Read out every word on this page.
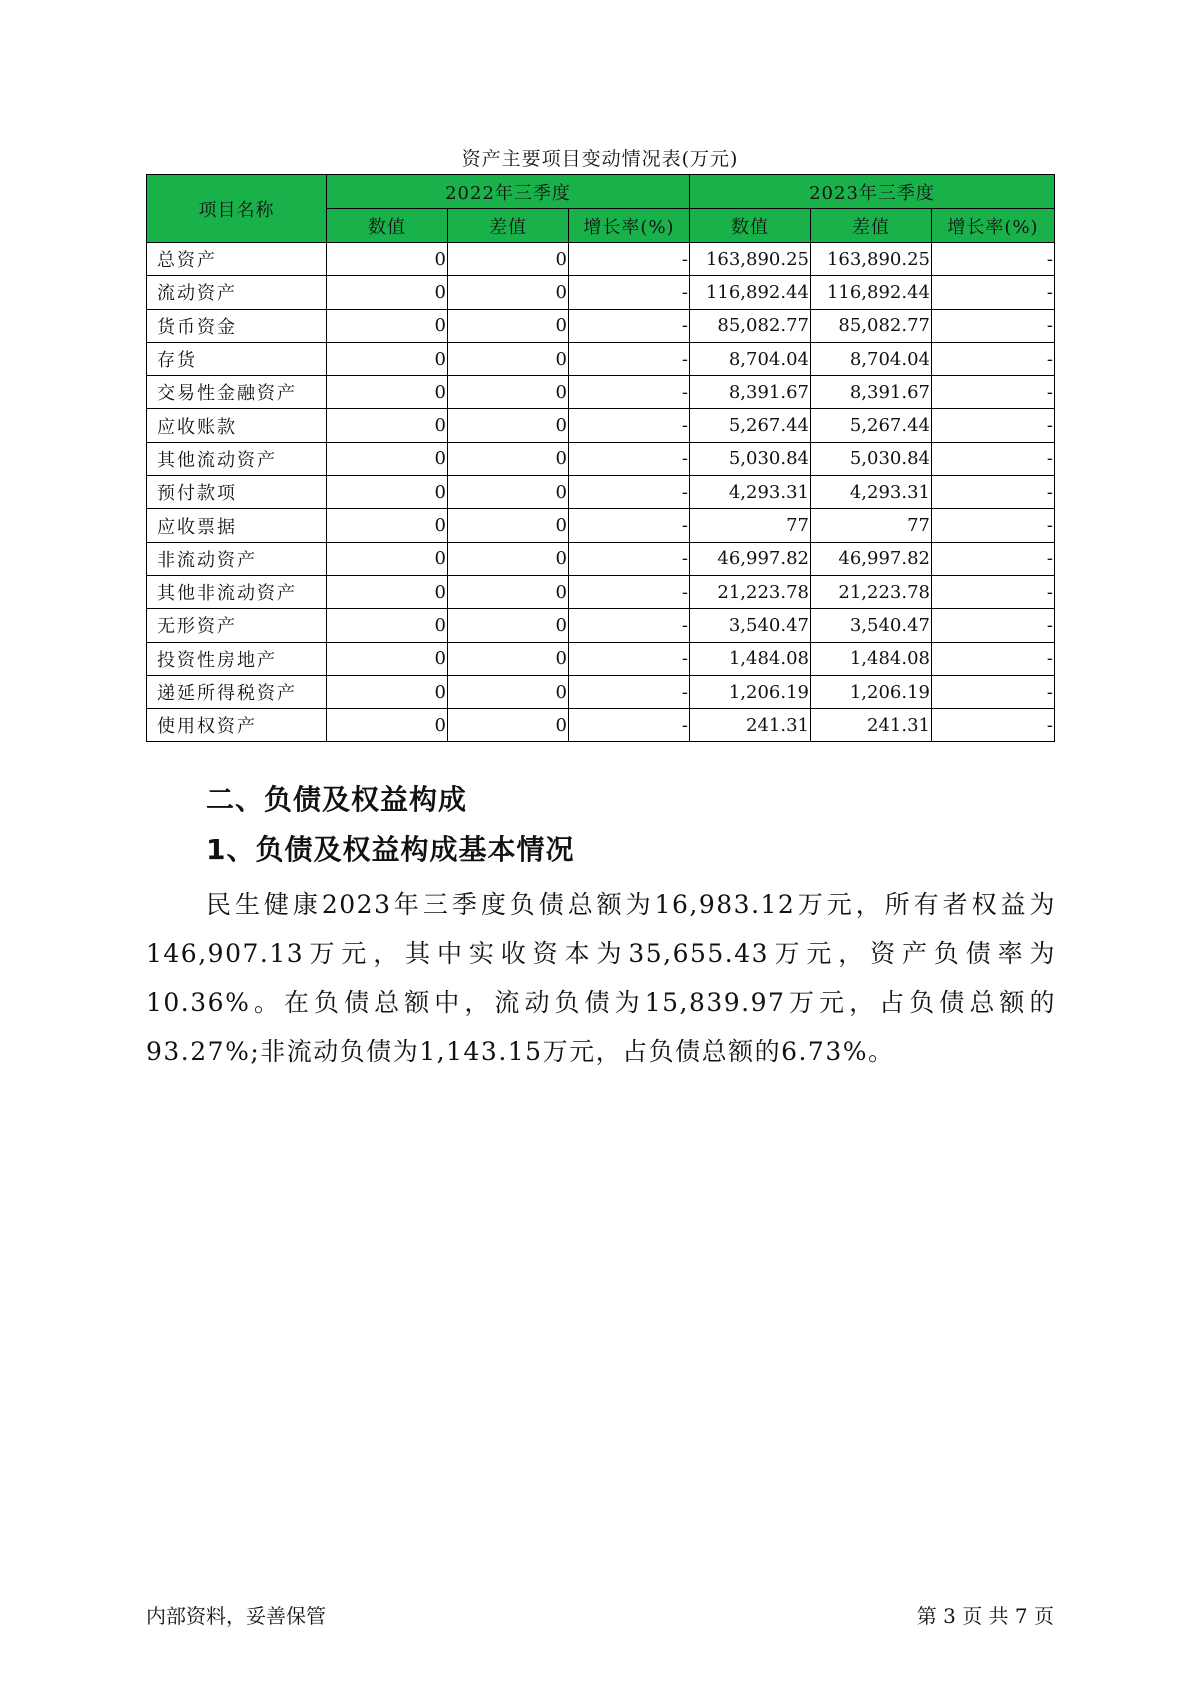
资产主要项目变动情况表(万元)
项目名称	2022年三季度			2023年三季度		
	数值	差值	增长率(%)	数值	差值	增长率(%)
总资产	0	0	-	163,890.25	163,890.25	-
流动资产	0	0	-	116,892.44	116,892.44	-
货币资金	0	0	-	85,082.77	85,082.77	-
存货	0	0	-	8,704.04	8,704.04	-
交易性金融资产	0	0	-	8,391.67	8,391.67	-
应收账款	0	0	-	5,267.44	5,267.44	-
其他流动资产	0	0	-	5,030.84	5,030.84	-
预付款项	0	0	-	4,293.31	4,293.31	-
应收票据	0	0	-	77	77	-
非流动资产	0	0	-	46,997.82	46,997.82	-
其他非流动资产	0	0	-	21,223.78	21,223.78	-
无形资产	0	0	-	3,540.47	3,540.47	-
投资性房地产	0	0	-	1,484.08	1,484.08	-
递延所得税资产	0	0	-	1,206.19	1,206.19	-
使用权资产	0	0	-	241.31	241.31	-
二、负债及权益构成
1、负债及权益构成基本情况
民生健康2023年三季度负债总额为16,983.12万元，所有者权益为146,907.13万元，其中实收资本为35,655.43万元，资产负债率为10.36%。在负债总额中，流动负债为15,839.97万元，占负债总额的93.27%;非流动负债为1,143.15万元，占负债总额的6.73%。
内部资料，妥善保管	第 3 页 共 7 页
